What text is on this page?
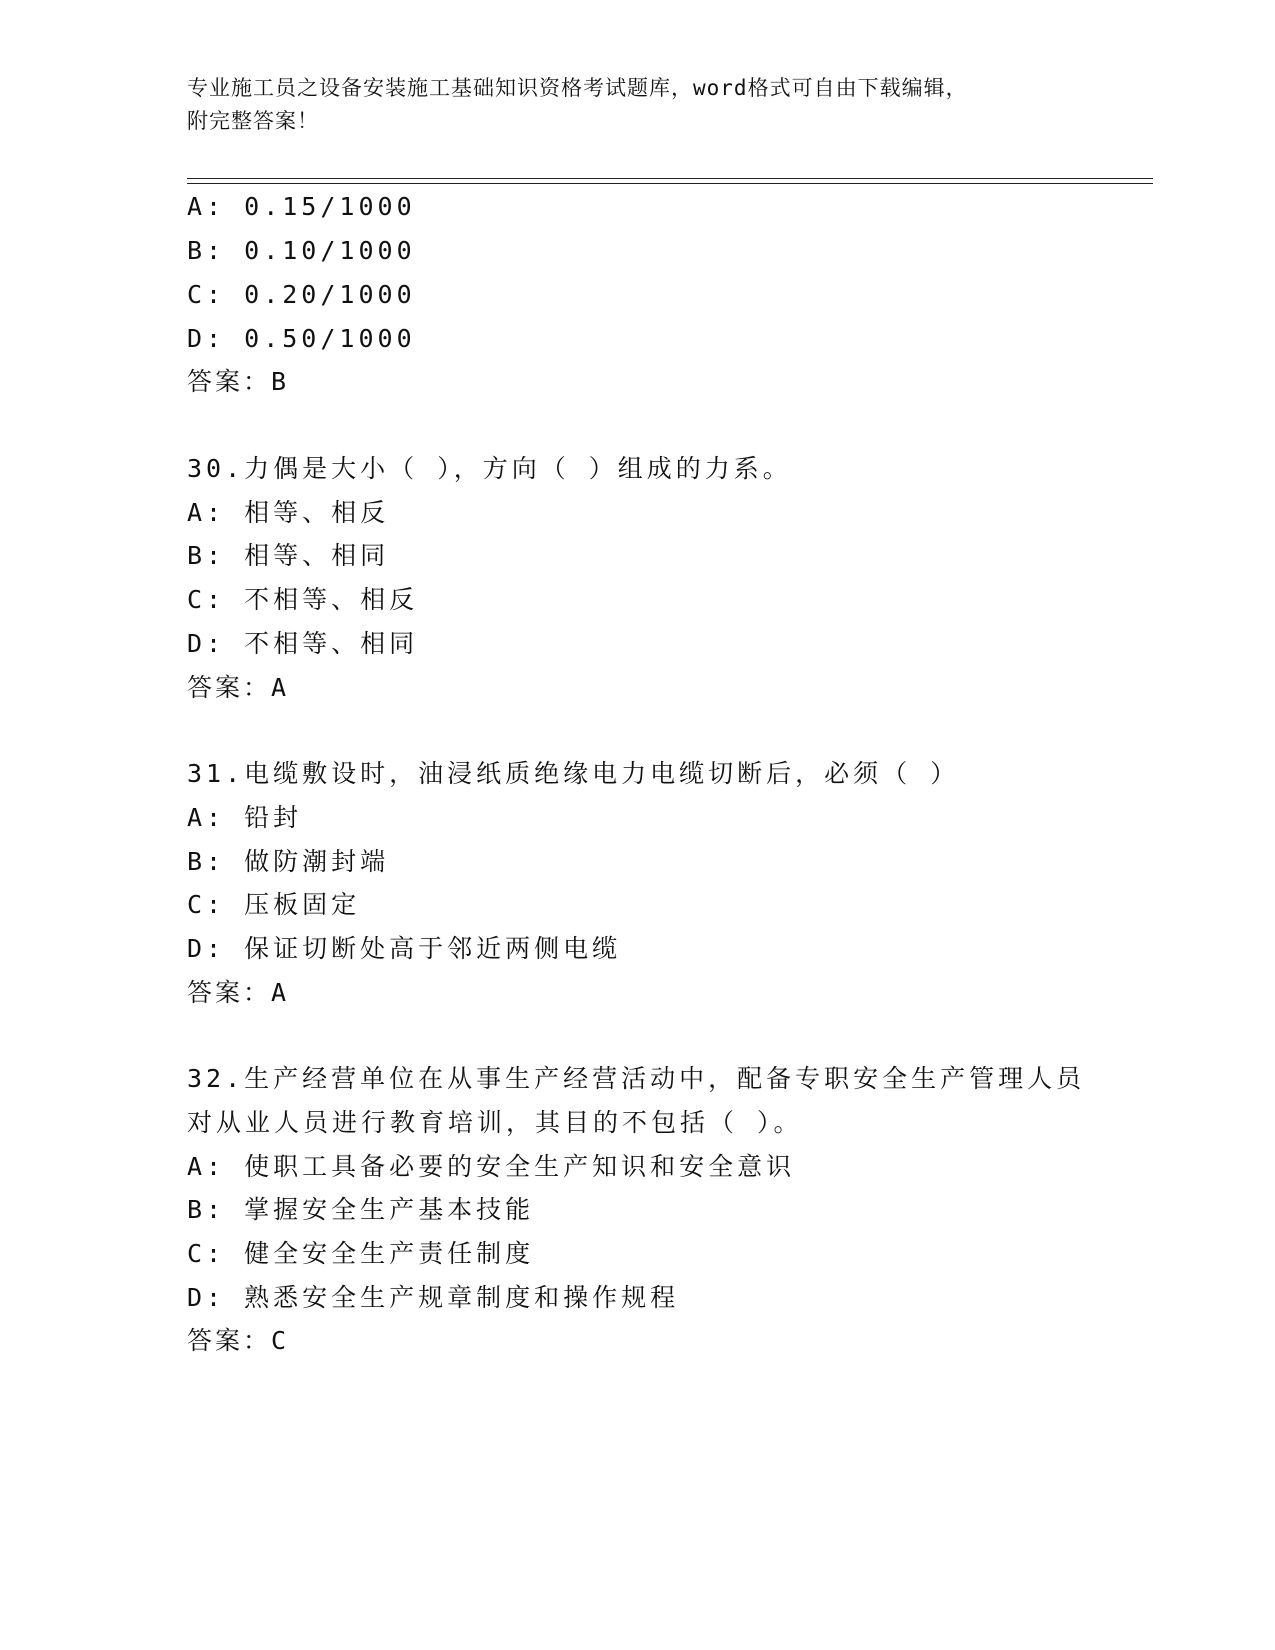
专业施工员之设备安装施工基础知识资格考试题库，word格式可自由下载编辑，
附完整答案！
A: 0.15/1000
B: 0.10/1000
C: 0.20/1000
D: 0.50/1000
答案：B
30.力偶是大小（ ），方向（ ）组成的力系。
A: 相等、相反
B: 相等、相同
C: 不相等、相反
D: 不相等、相同
答案：A
31.电缆敷设时，油浸纸质绝缘电力电缆切断后，必须（ ）
A: 铅封
B: 做防潮封端
C: 压板固定
D: 保证切断处高于邻近两侧电缆
答案：A
32.生产经营单位在从事生产经营活动中，配备专职安全生产管理人员
对从业人员进行教育培训，其目的不包括（ ）。
A: 使职工具备必要的安全生产知识和安全意识
B: 掌握安全生产基本技能
C: 健全安全生产责任制度
D: 熟悉安全生产规章制度和操作规程
答案：C
